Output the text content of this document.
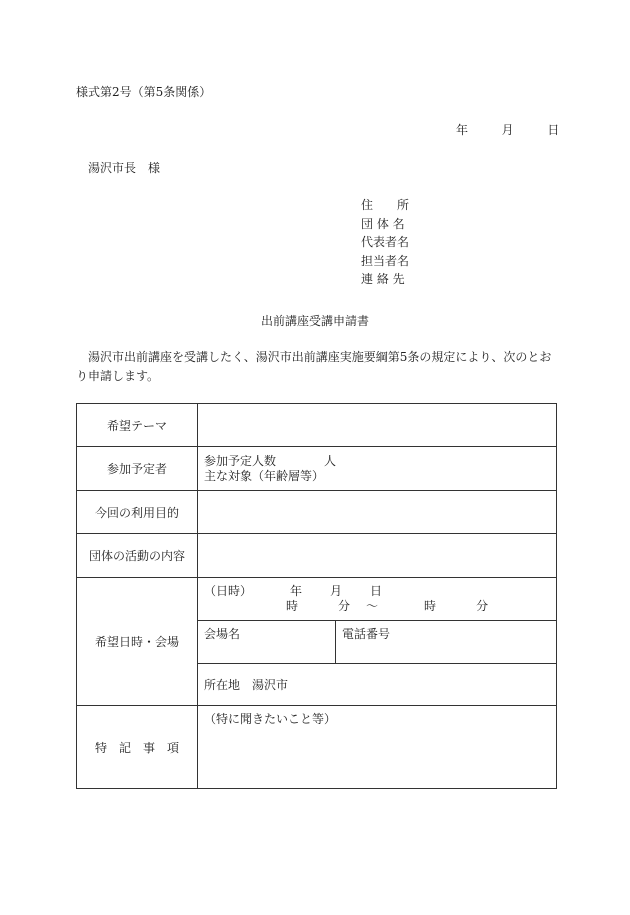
様式第2号（第5条関係）
年	月	日
湯沢市長　様
住　　所
団 体 名
代表者名
担当者名
連 絡 先
出前講座受講申請書
湯沢市出前講座を受講したく、湯沢市出前講座実施要綱第5条の規定により、次のとおり申請します。
希望テーマ		
参加予定者	参加予定人数 人
主な対象（年齢層等）	

今回の利用目的		
団体の活動の内容		
希望日時・会場	（日時） 年 月 日
時 分 ～ 時 分	

	会場名	電話番号
	所在地　湯沢市	
特　記　事　項	（特に聞きたいこと等）	
